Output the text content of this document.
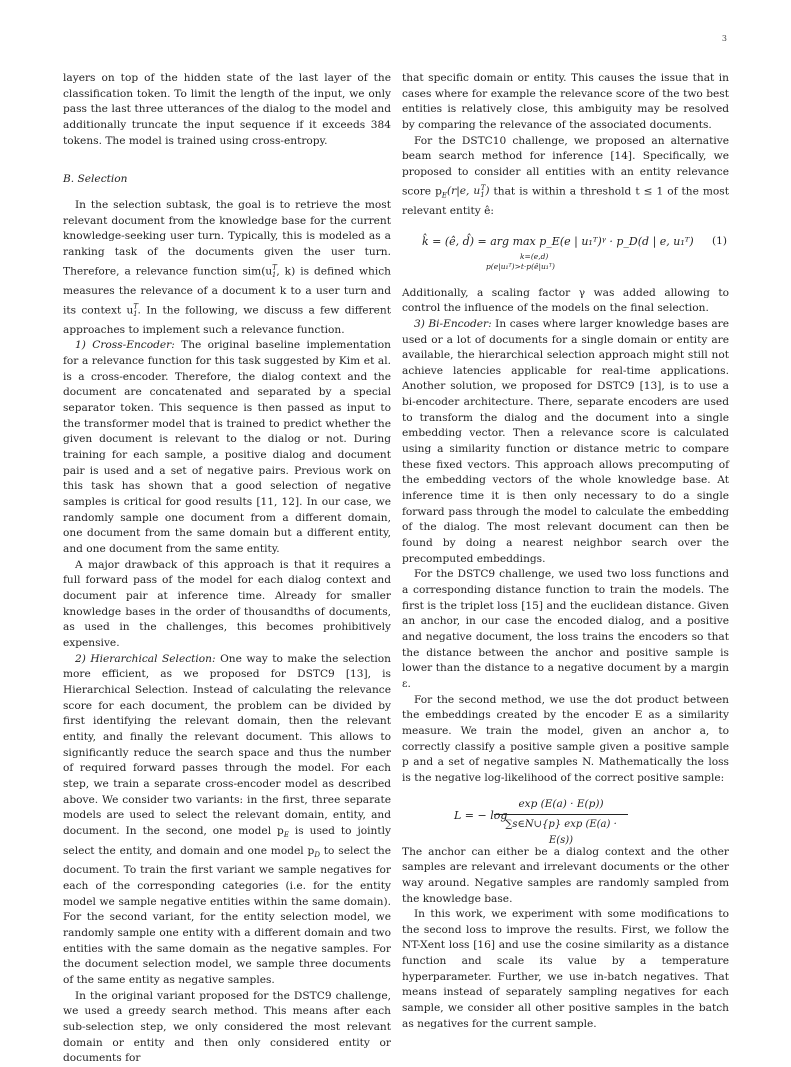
3

layers on top of the hidden state of the last layer of the classification token. To limit the length of the input, we only pass the last three utterances of the dialog to the model and additionally truncate the input sequence if it exceeds 384 tokens. The model is trained using cross-entropy.

B. Selection

In the selection subtask, the goal is to retrieve the most relevant document from the knowledge base for the current knowledge-seeking user turn. Typically, this is modeled as a ranking task of the documents given the user turn. Therefore, a relevance function $sim(u^T_1$, k) is defined which measures the relevance of a document k to a user turn and its context $u^T_1$. In the following, we discuss a few different approaches to implement such a relevance function.

1) Cross-Encoder: The original baseline implementation for a relevance function for this task suggested by Kim et al. is a cross-encoder. Therefore, the dialog context and the document are concatenated and separated by a special separator token. This sequence is then passed as input to the transformer model that is trained to predict whether the given document is relevant to the dialog or not. During training for each sample, a positive dialog and document pair is used and a set of negative pairs. Previous work on this task has shown that a good selection of negative samples is critical for good results [11, 12]. In our case, we randomly sample one document from a different domain, one document from the same domain but a different entity, and one document from the same entity.

A major drawback of this approach is that it requires a full forward pass of the model for each dialog context and document pair at inference time. Already for smaller knowledge bases in the order of thousandths of documents, as used in the challenges, this becomes prohibitively expensive.

2) Hierarchical Selection: One way to make the selection more efficient, as we proposed for DSTC9 [13], is Hierarchical Selection. Instead of calculating the relevance score for each document, the problem can be divided by first identifying the relevant domain, then the relevant entity, and finally the relevant document. This allows to significantly reduce the search space and thus the number of required forward passes through the model. For each step, we train a separate cross-encoder model as described above. We consider two variants: in the first, three separate models are used to select the relevant domain, entity, and document. In the second, one model $p_E$ is used to jointly select the entity, and domain and one model $p_D$ to select the document. To train the first variant we sample negatives for each of the corresponding categories (i.e. for the entity model we sample negative entities within the same domain). For the second variant, for the entity selection model, we randomly sample one entity with a different domain and two entities with the same domain as the negative samples. For the document selection model, we sample three documents of the same entity as negative samples.

In the original variant proposed for the DSTC9 challenge, we used a greedy search method. This means after each sub-selection step, we only considered the most relevant domain or entity and then only considered entity or documents for

that specific domain or entity. This causes the issue that in cases where for example the relevance score of the two best entities is relatively close, this ambiguity may be resolved by comparing the relevance of the associated documents.

For the DSTC10 challenge, we proposed an alternative beam search method for inference [14]. Specifically, we proposed to consider all entities with an entity relevance score $p_E(r|e$, $u_1^T$) that is within a threshold t ≤ 1 of the most relevant entity ê:

k̂ = (ê, d̂) = arg max p_E(e | u₁ᵀ)ᵞ · p_D(d | e, u₁ᵀ)
k=(e,d)
p(e|u₁ᵀ)>t·p(ê|u₁ᵀ)
(1)

Additionally, a scaling factor γ was added allowing to control the influence of the models on the final selection.

3) Bi-Encoder: In cases where larger knowledge bases are used or a lot of documents for a single domain or entity are available, the hierarchical selection approach might still not achieve latencies applicable for real-time applications. Another solution, we proposed for DSTC9 [13], is to use a bi-encoder architecture. There, separate encoders are used to transform the dialog and the document into a single embedding vector. Then a relevance score is calculated using a similarity function or distance metric to compare these fixed vectors. This approach allows precomputing of the embedding vectors of the whole knowledge base. At inference time it is then only necessary to do a single forward pass through the model to calculate the embedding of the dialog. The most relevant document can then be found by doing a nearest neighbor search over the precomputed embeddings.

For the DSTC9 challenge, we used two loss functions and a corresponding distance function to train the models. The first is the triplet loss [15] and the euclidean distance. Given an anchor, in our case the encoded dialog, and a positive and negative document, the loss trains the encoders so that the distance between the anchor and positive sample is lower than the distance to a negative document by a margin ε.

For the second method, we use the dot product between the embeddings created by the encoder E as a similarity measure. We train the model, given an anchor a, to correctly classify a positive sample given a positive sample p and a set of negative samples N. Mathematically the loss is the negative log-likelihood of the correct positive sample:

L = − log
$\frac{\exp (E(a) \cdot E(p))}{\sum s\in N\cup\{p\} \exp (E(a) \cdot E(s))}$

The anchor can either be a dialog context and the other samples are relevant and irrelevant documents or the other way around. Negative samples are randomly sampled from the knowledge base.

In this work, we experiment with some modifications to the second loss to improve the results. First, we follow the NT-Xent loss [16] and use the cosine similarity as a distance function and scale its value by a temperature hyperparameter. Further, we use in-batch negatives. That means instead of separately sampling negatives for each sample, we consider all other positive samples in the batch as negatives for the current sample.
